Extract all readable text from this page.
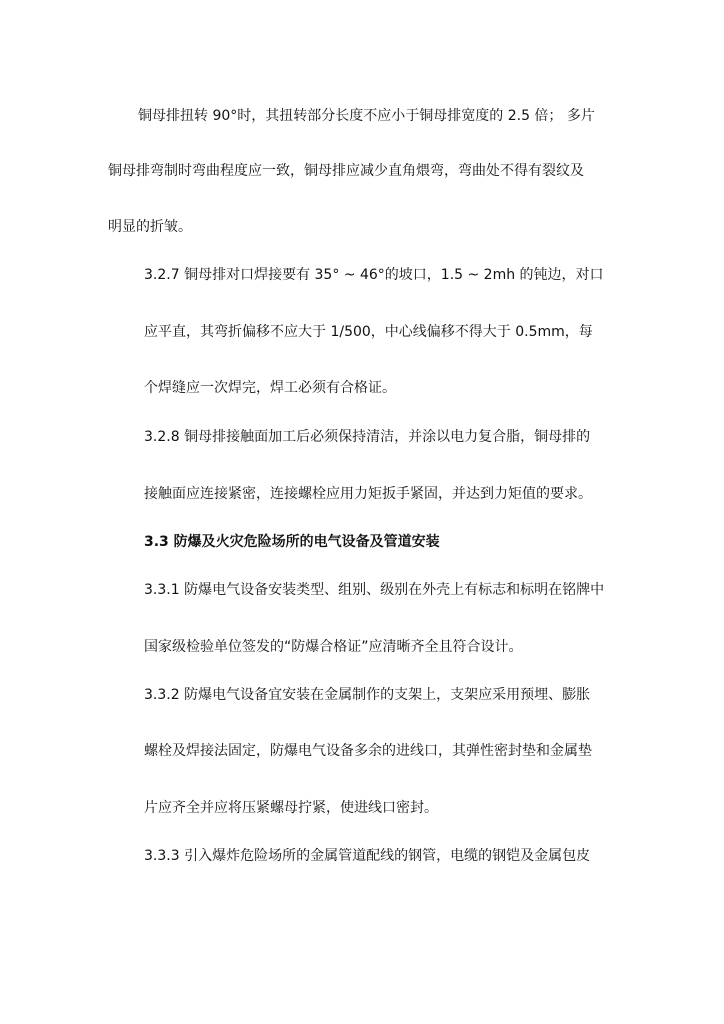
铜母排扭转 90°时，其扭转部分长度不应小于铜母排宽度的 2.5 倍； 多片
铜母排弯制时弯曲程度应一致，铜母排应减少直角煨弯，弯曲处不得有裂纹及
明显的折皱。
3.2.7 铜母排对口焊接要有 35° ~ 46°的坡口，1.5 ~ 2mh 的钝边，对口
应平直，其弯折偏移不应大于 1/500，中心线偏移不得大于 0.5mm，每
个焊缝应一次焊完，焊工必须有合格证。
3.2.8 铜母排接触面加工后必须保持清洁，并涂以电力复合脂，铜母排的
接触面应连接紧密，连接螺栓应用力矩扳手紧固，并达到力矩值的要求。
3.3 防爆及火灾危险场所的电气设备及管道安装
3.3.1 防爆电气设备安装类型、组别、级别在外壳上有标志和标明在铭牌中
国家级检验单位签发的“防爆合格证”应清晰齐全且符合设计。
3.3.2 防爆电气设备宜安装在金属制作的支架上，支架应采用预埋、膨胀
螺栓及焊接法固定，防爆电气设备多余的进线口，其弹性密封垫和金属垫
片应齐全并应将压紧螺母拧紧，使进线口密封。
3.3.3 引入爆炸危险场所的金属管道配线的钢管，电缆的钢铠及金属包皮
